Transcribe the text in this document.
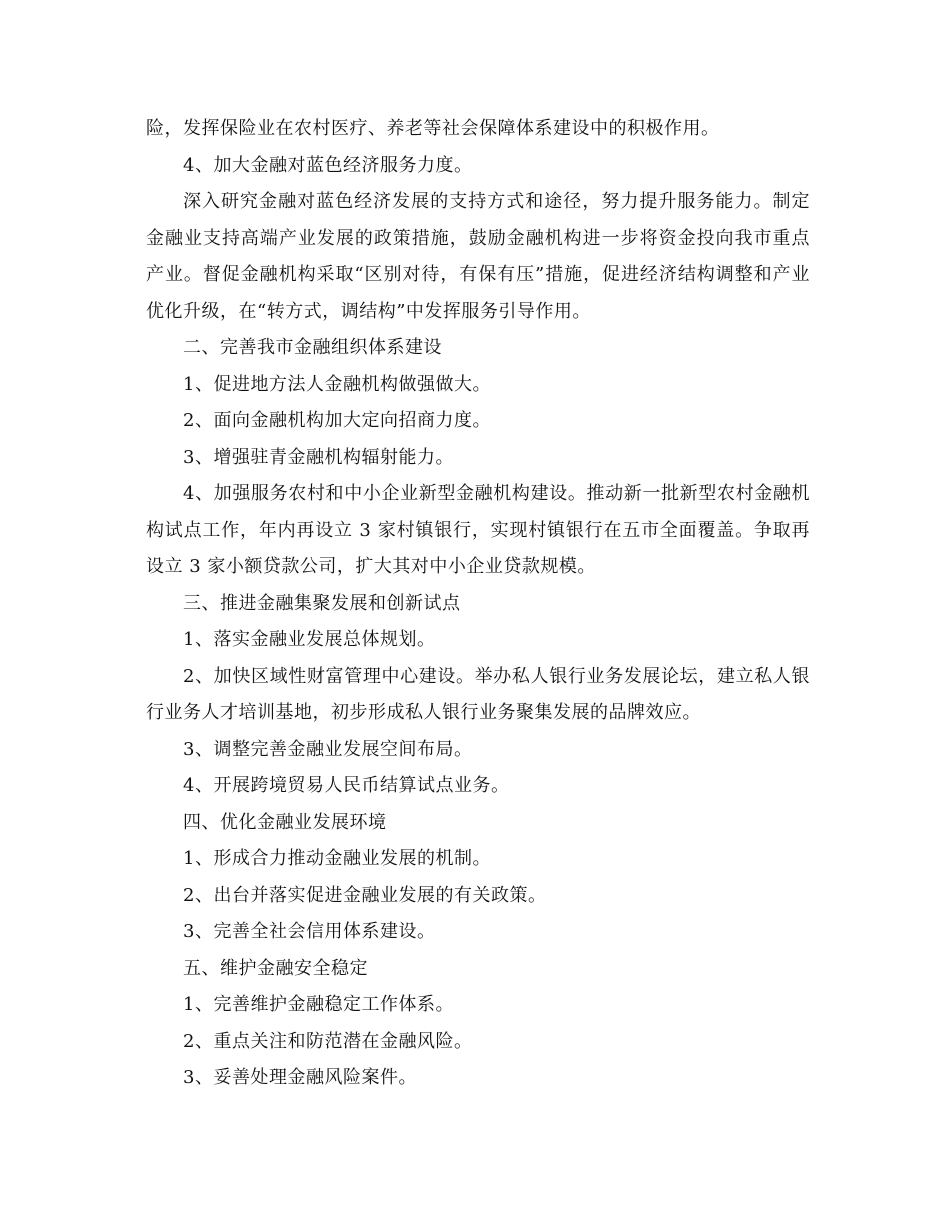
险，发挥保险业在农村医疗、养老等社会保障体系建设中的积极作用。

4、加大金融对蓝色经济服务力度。

深入研究金融对蓝色经济发展的支持方式和途径，努力提升服务能力。制定金融业支持高端产业发展的政策措施，鼓励金融机构进一步将资金投向我市重点产业。督促金融机构采取“区别对待，有保有压”措施，促进经济结构调整和产业优化升级，在“转方式，调结构”中发挥服务引导作用。

二、完善我市金融组织体系建设

1、促进地方法人金融机构做强做大。

2、面向金融机构加大定向招商力度。

3、增强驻青金融机构辐射能力。

4、加强服务农村和中小企业新型金融机构建设。推动新一批新型农村金融机构试点工作，年内再设立 3 家村镇银行，实现村镇银行在五市全面覆盖。争取再设立 3 家小额贷款公司，扩大其对中小企业贷款规模。

三、推进金融集聚发展和创新试点

1、落实金融业发展总体规划。

2、加快区域性财富管理中心建设。举办私人银行业务发展论坛，建立私人银行业务人才培训基地，初步形成私人银行业务聚集发展的品牌效应。

3、调整完善金融业发展空间布局。

4、开展跨境贸易人民币结算试点业务。

四、优化金融业发展环境

1、形成合力推动金融业发展的机制。

2、出台并落实促进金融业发展的有关政策。

3、完善全社会信用体系建设。

五、维护金融安全稳定

1、完善维护金融稳定工作体系。

2、重点关注和防范潜在金融风险。

3、妥善处理金融风险案件。
